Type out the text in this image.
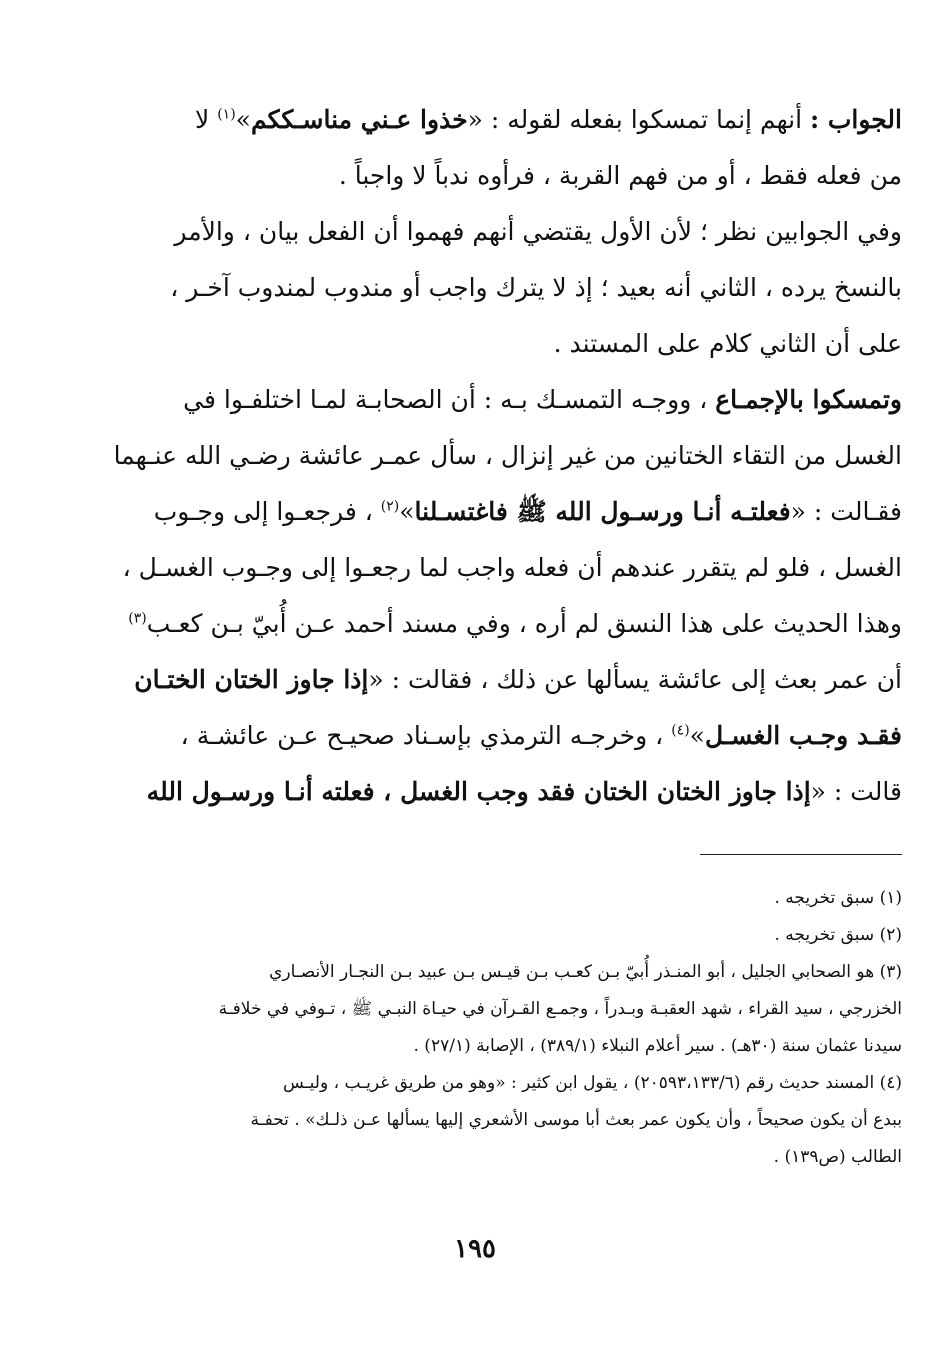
الجواب : أنهم إنما تمسكوا بفعله لقوله : «خذوا عـني مناسـككم»$^{(١)}$ لا
من فعله فقط ، أو من فهم القربة ، فرأوه ندباً لا واجباً .
وفي الجوابين نظر ؛ لأن الأول يقتضي أنهم فهموا أن الفعل بيان ، والأمر
بالنسخ يرده ، الثاني أنه بعيد ؛ إذ لا يترك واجب أو مندوب لمندوب آخـر ،
على أن الثاني كلام على المستند .
وتمسكوا بالإجمـاع ، ووجـه التمسـك بـه : أن الصحابـة لمـا اختلفـوا في
الغسل من التقاء الختانين من غير إنزال ، سأل عمـر عائشة رضـي الله عنـهما
فقـالت : «فعلتـه أنـا ورسـول الله ﷺ فاغتسـلنا»$^{(٢)}$ ، فرجعـوا إلى وجـوب
الغسل ، فلو لم يتقرر عندهم أن فعله واجب لما رجعـوا إلى وجـوب الغسـل ،
وهذا الحديث على هذا النسق لم أره ، وفي مسند أحمد عـن أُبيّ بـن كعـب$^{(٣)}$
أن عمر بعث إلى عائشة يسألها عن ذلك ، فقالت : «إذا جاوز الختان الختـان
فقـد وجـب الغسـل»$^{(٤)}$ ، وخرجـه الترمذي بإسـناد صحيـح عـن عائشـة ،
قالت : «إذا جاوز الختان الختان فقد وجب الغسل ، فعلته أنـا ورسـول الله
(١) سبق تخريجه .
(٢) سبق تخريجه .
(٣) هو الصحابي الجليل ، أبو المنـذر أُبيّ بـن كعـب بـن قيـس بـن عبيد بـن النجـار الأنصـاري
الخزرجي ، سيد القراء ، شهد العقبـة وبـدراً ، وجمـع القـرآن في حيـاة النبـي ﷺ ، تـوفي في خلافـة
سيدنا عثمان سنة (٣٠هـ) . سير أعلام النبلاء (٣٨٩/١) ، الإصابة (٢٧/١) .
(٤) المسند حديث رقم (٢٠٥٩٣،١٣٣/٦) ، يقول ابن كثير : «وهو من طريق غريـب ، وليـس
ببدع أن يكون صحيحاً ، وأن يكون عمر بعث أبا موسى الأشعري إليها يسألها عـن ذلـك» . تحفـة
الطالب (ص١٣٩) .
١٩٥
